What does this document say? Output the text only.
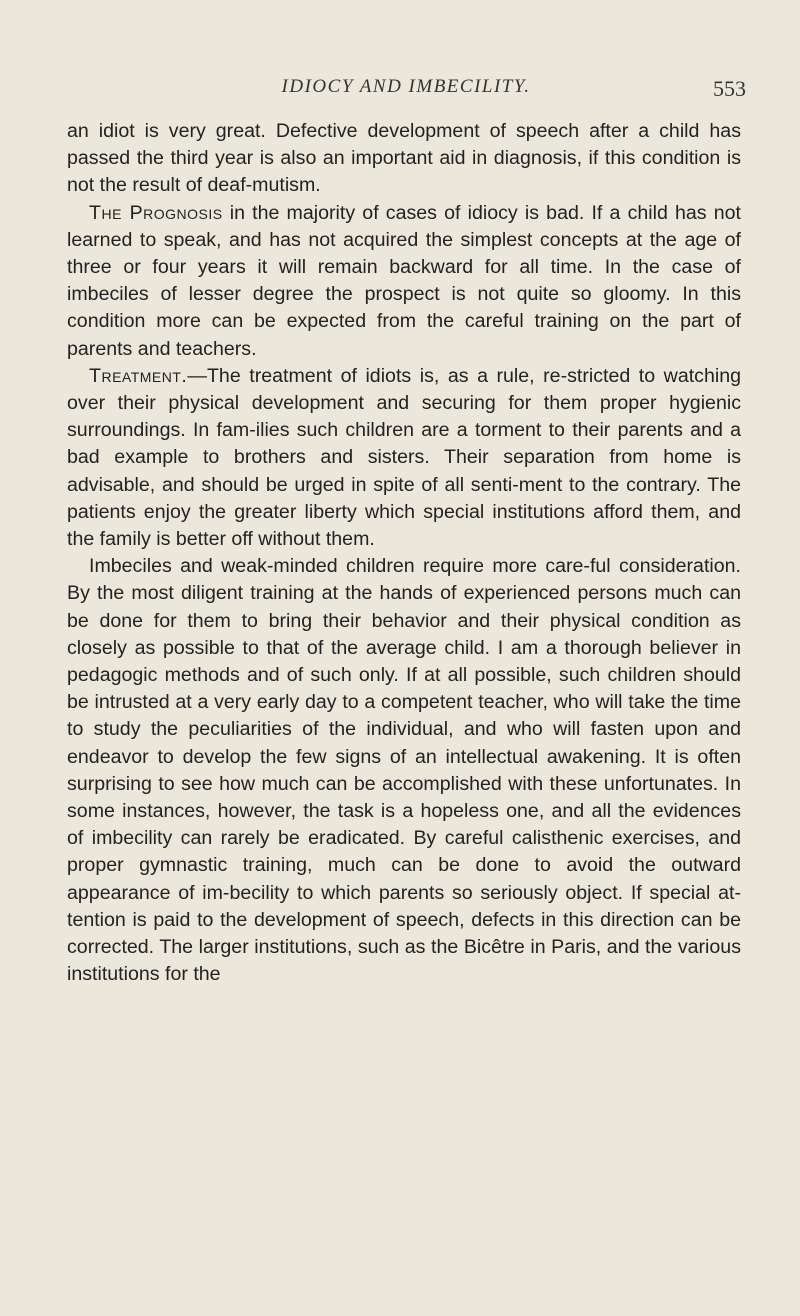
IDIOCY AND IMBECILITY.	553

an idiot is very great. Defective development of speech after a child has passed the third year is also an important aid in diagnosis, if this condition is not the result of deaf-mutism.

The Prognosis in the majority of cases of idiocy is bad. If a child has not learned to speak, and has not acquired the simplest concepts at the age of three or four years it will remain backward for all time. In the case of imbeciles of lesser degree the prospect is not quite so gloomy. In this condition more can be expected from the careful training on the part of parents and teachers.

Treatment.—The treatment of idiots is, as a rule, re-stricted to watching over their physical development and securing for them proper hygienic surroundings. In fam-ilies such children are a torment to their parents and a bad example to brothers and sisters. Their separation from home is advisable, and should be urged in spite of all senti-ment to the contrary. The patients enjoy the greater liberty which special institutions afford them, and the family is better off without them.

Imbeciles and weak-minded children require more care-ful consideration. By the most diligent training at the hands of experienced persons much can be done for them to bring their behavior and their physical condition as closely as possible to that of the average child. I am a thorough believer in pedagogic methods and of such only. If at all possible, such children should be intrusted at a very early day to a competent teacher, who will take the time to study the peculiarities of the individual, and who will fasten upon and endeavor to develop the few signs of an intellectual awakening. It is often surprising to see how much can be accomplished with these unfortunates. In some instances, however, the task is a hopeless one, and all the evidences of imbecility can rarely be eradicated. By careful calisthenic exercises, and proper gymnastic training, much can be done to avoid the outward appearance of im-becility to which parents so seriously object. If special at-tention is paid to the development of speech, defects in this direction can be corrected. The larger institutions, such as the Bicêtre in Paris, and the various institutions for the
